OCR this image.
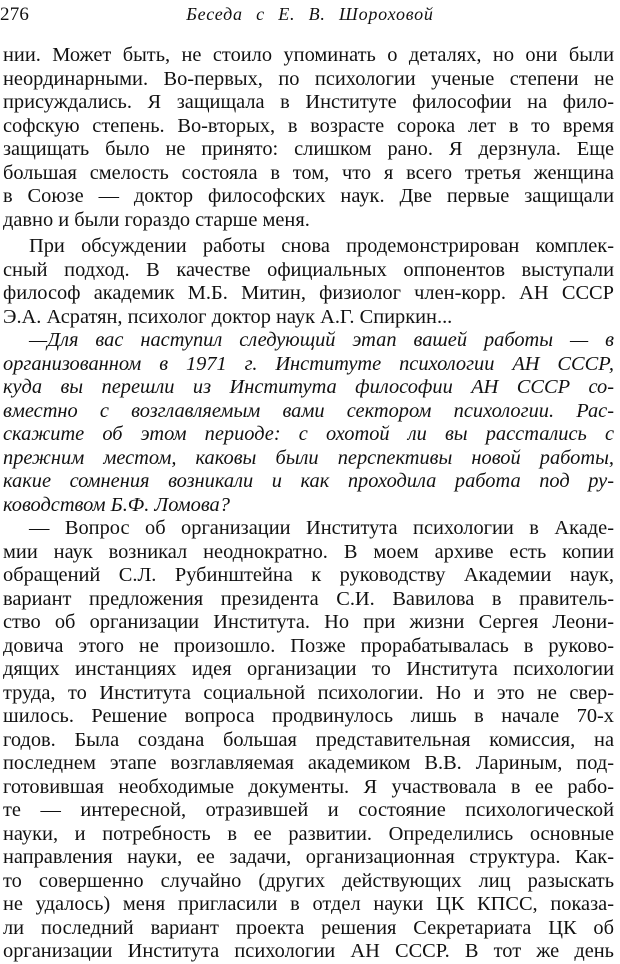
276	Беседа с Е. В. Шороховой
нии. Может быть, не стоило упоминать о деталях, но они были
неординарными. Во-первых, по психологии ученые степени не
присуждались. Я защищала в Институте философии на фило-
софскую степень. Во-вторых, в возрасте сорока лет в то время
защищать было не принято: слишком рано. Я дерзнула. Еще
большая смелость состояла в том, что я всего третья женщина
в Союзе — доктор философских наук. Две первые защищали
давно и были гораздо старше меня.
При обсуждении работы снова продемонстрирован комплек-
сный подход. В качестве официальных оппонентов выступали
философ академик М.Б. Митин, физиолог член-корр. АН СССР
Э.А. Асратян, психолог доктор наук А.Г. Спиркин...
—Для вас наступил следующий этап вашей работы — в
организованном в 1971 г. Институте психологии АН СССР,
куда вы перешли из Института философии АН СССР со-
вместно с возглавляемым вами сектором психологии. Рас-
скажите об этом периоде: с охотой ли вы расстались с
прежним местом, каковы были перспективы новой работы,
какие сомнения возникали и как проходила работа под ру-
ководством Б.Ф. Ломова?
— Вопрос об организации Института психологии в Акаде-
мии наук возникал неоднократно. В моем архиве есть копии
обращений С.Л. Рубинштейна к руководству Академии наук,
вариант предложения президента С.И. Вавилова в правитель-
ство об организации Института. Но при жизни Сергея Леони-
довича этого не произошло. Позже прорабатывалась в руково-
дящих инстанциях идея организации то Института психологии
труда, то Института социальной психологии. Но и это не свер-
шилось. Решение вопроса продвинулось лишь в начале 70-х
годов. Была создана большая представительная комиссия, на
последнем этапе возглавляемая академиком В.В. Лариным, под-
готовившая необходимые документы. Я участвовала в ее рабо-
те — интересной, отразившей и состояние психологической
науки, и потребность в ее развитии. Определились основные
направления науки, ее задачи, организационная структура. Как-
то совершенно случайно (других действующих лиц разыскать
не удалось) меня пригласили в отдел науки ЦК КПСС, показа-
ли последний вариант проекта решения Секретариата ЦК об
организации Института психологии АН СССР. В тот же день
